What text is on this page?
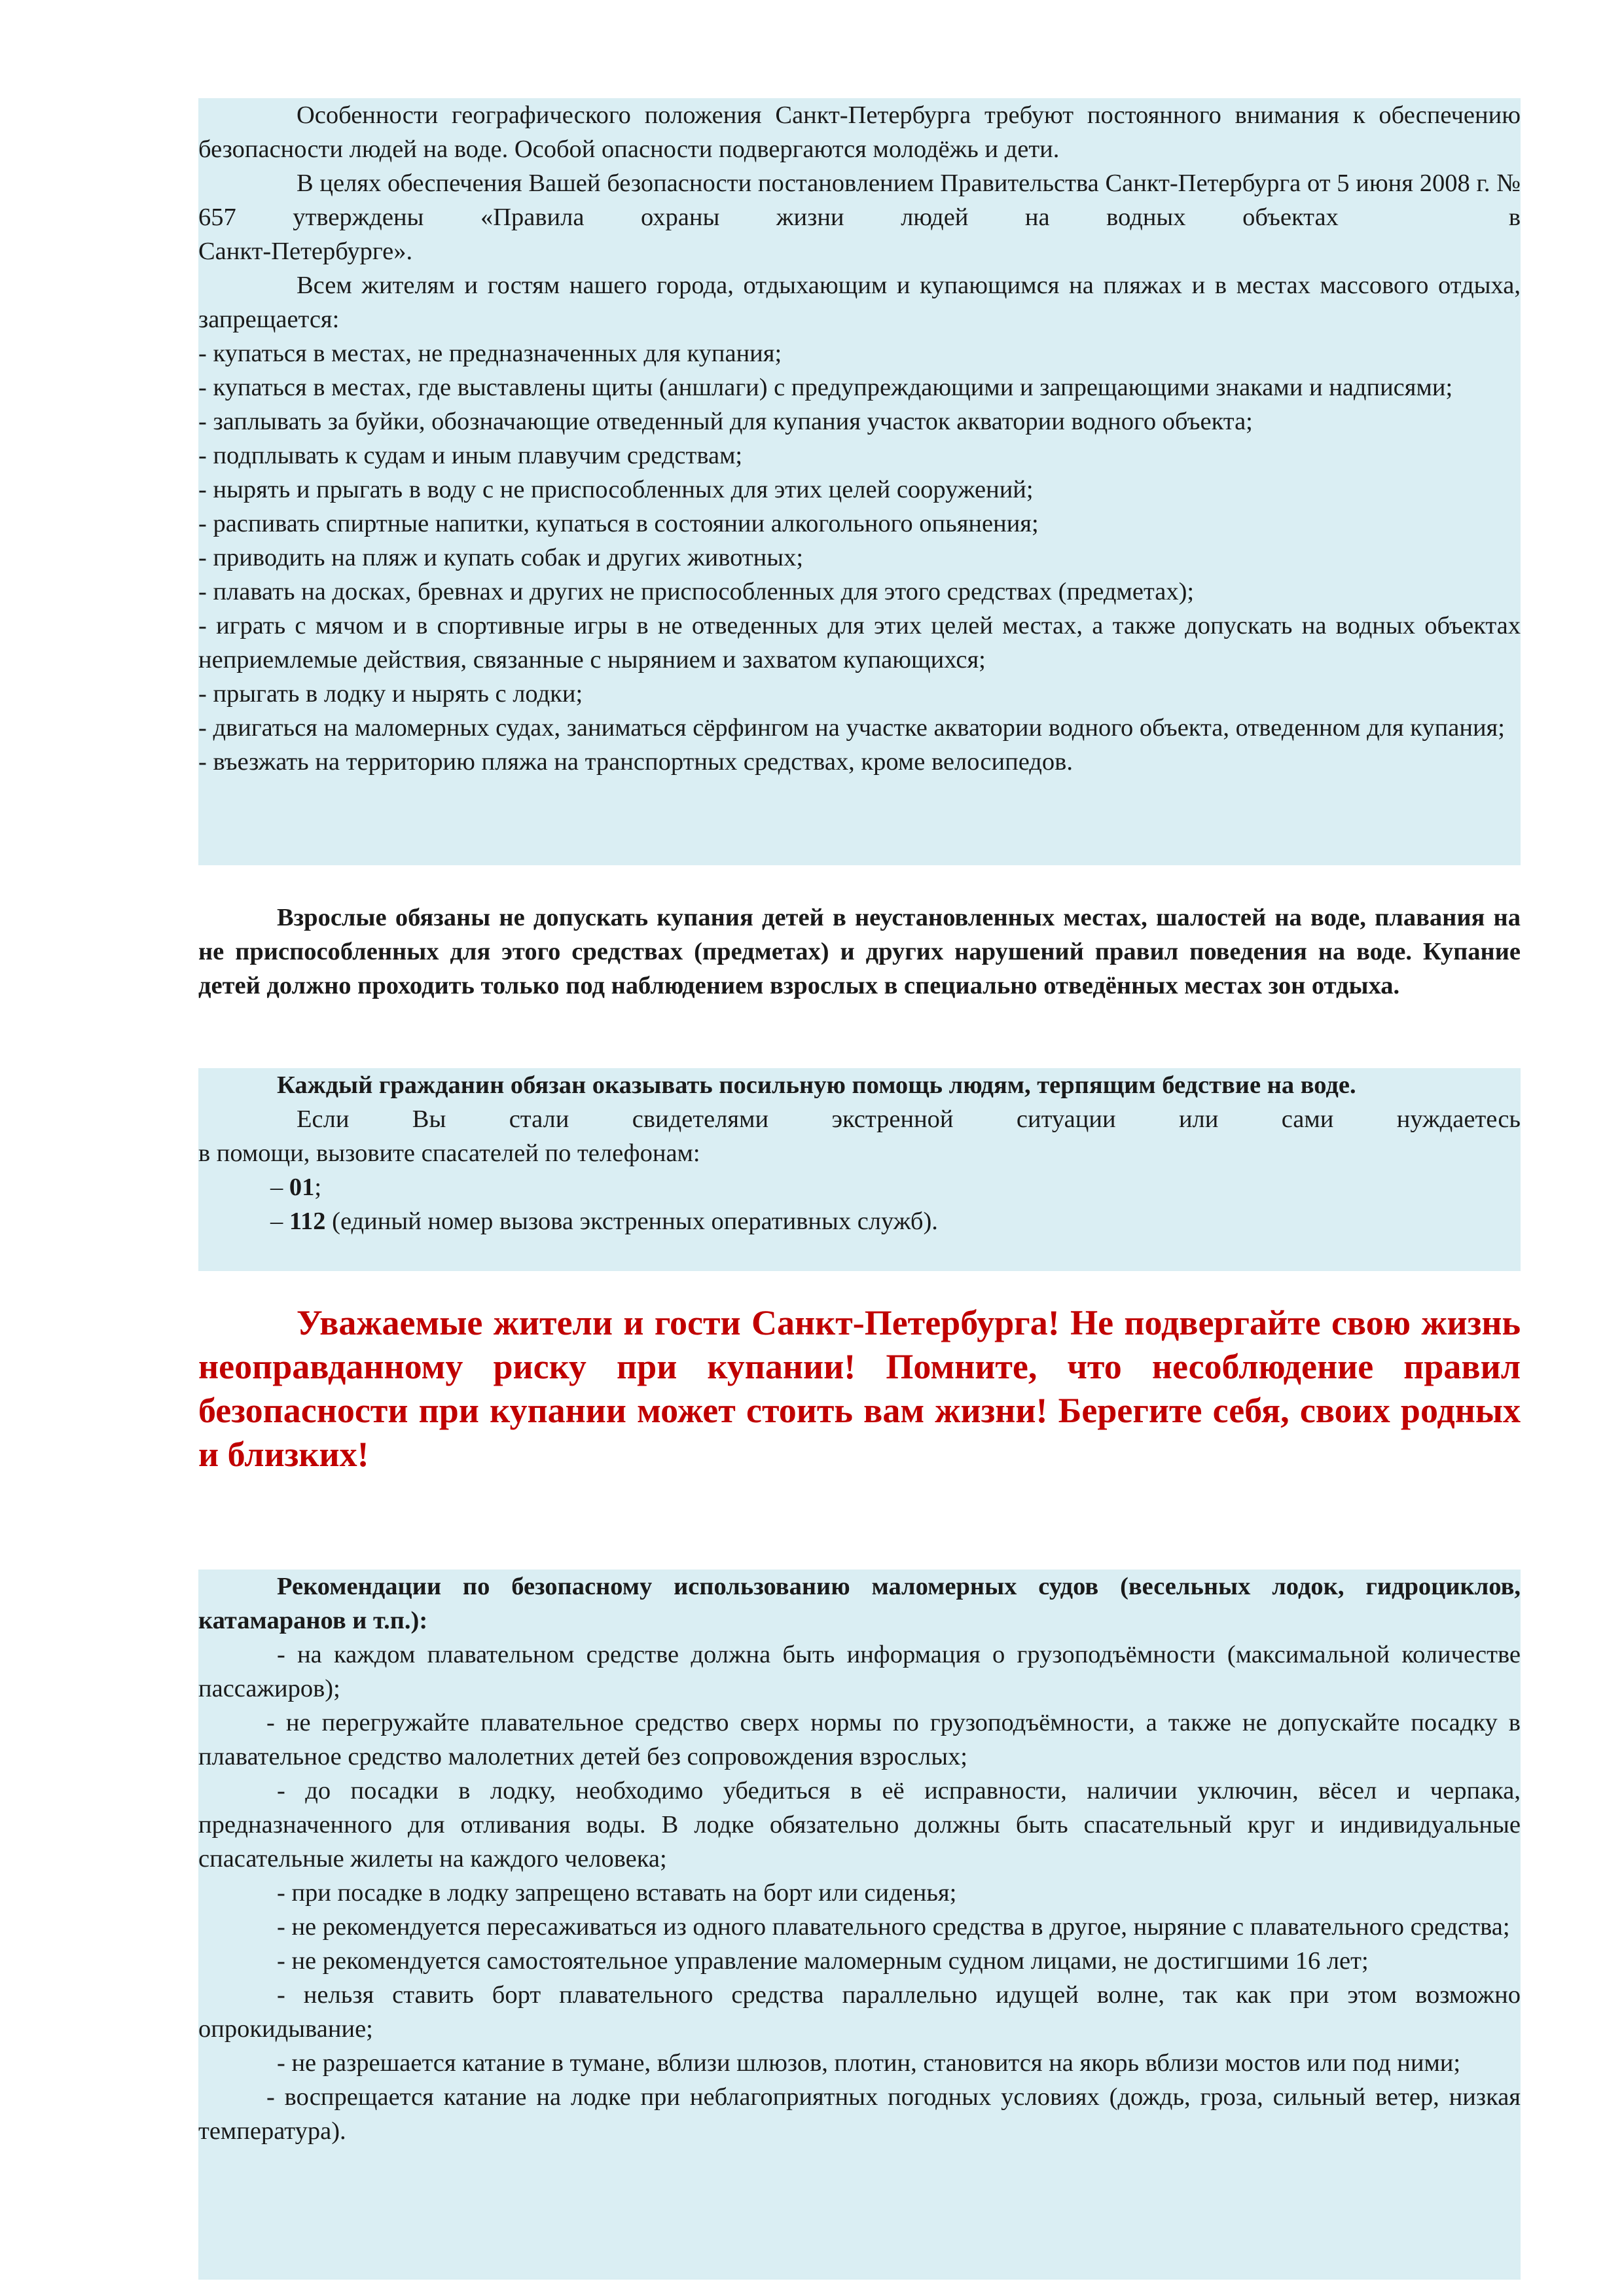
Особенности географического положения Санкт-Петербурга требуют постоянного внимания к обеспечению безопасности людей на воде. Особой опасности подвергаются молодёжь и дети.

В целях обеспечения Вашей безопасности постановлением Правительства Санкт-Петербурга от 5 июня 2008 г. № 657 утверждены «Правила охраны жизни людей на водных объектах	в

Санкт-Петербурге».

Всем жителям и гостям нашего города, отдыхающим и купающимся на пляжах и в местах массового отдыха, запрещается:

- купаться в местах, не предназначенных для купания;

- купаться в местах, где выставлены щиты (аншлаги) с предупреждающими и запрещающими знаками и надписями;

- заплывать за буйки, обозначающие отведенный для купания участок акватории водного объекта;

- подплывать к судам и иным плавучим средствам;

- нырять и прыгать в воду с не приспособленных для этих целей сооружений;

- распивать спиртные напитки, купаться в состоянии алкогольного опьянения;

- приводить на пляж и купать собак и других животных;

- плавать на досках, бревнах и других не приспособленных для этого средствах (предметах);

- играть с мячом и в спортивные игры в не отведенных для этих целей местах, а также допускать на водных объектах неприемлемые действия, связанные с нырянием и захватом купающихся;

- прыгать в лодку и нырять с лодки;

- двигаться на маломерных судах, заниматься сёрфингом на участке акватории водного объекта, отведенном для купания;

- въезжать на территорию пляжа на транспортных средствах, кроме велосипедов.

Взрослые обязаны не допускать купания детей в неустановленных местах, шалостей на воде, плавания на не приспособленных для этого средствах (предметах) и других нарушений правил поведения на воде. Купание детей должно проходить только под наблюдением взрослых в специально отведённых местах зон отдыха.

Каждый гражданин обязан оказывать посильную помощь людям, терпящим бедствие на воде.

Если	Вы	стали	свидетелями	экстренной	ситуации	или	сами	нуждаетесь

в помощи, вызовите спасателей по телефонам:

– 01;

– 112 (единый номер вызова экстренных оперативных служб).

Уважаемые жители и гости Санкт-Петербурга! Не подвергайте свою жизнь неоправданному риску при купании! Помните, что несоблюдение правил безопасности при купании может стоить вам жизни! Берегите себя, своих родных и близких!

Рекомендации по безопасному использованию маломерных судов (весельных лодок, гидроциклов, катамаранов и т.п.):

- на каждом плавательном средстве должна быть информация о грузоподъёмности (максимальной количестве пассажиров);

- не перегружайте плавательное средство сверх нормы по грузоподъёмности, а также не допускайте посадку в плавательное средство малолетних детей без сопровождения взрослых;

- до посадки в лодку, необходимо убедиться в её исправности, наличии уключин, вёсел и черпака, предназначенного для отливания воды. В лодке обязательно должны быть спасательный круг и индивидуальные спасательные жилеты на каждого человека;

- при посадке в лодку запрещено вставать на борт или сиденья;

- не рекомендуется пересаживаться из одного плавательного средства в другое, ныряние с плавательного средства;

- не рекомендуется самостоятельное управление маломерным судном лицами, не достигшими 16 лет;

- нельзя ставить борт плавательного средства параллельно идущей волне, так как при этом возможно опрокидывание;

- не разрешается катание в тумане, вблизи шлюзов, плотин, становится на якорь вблизи мостов или под ними;

- воспрещается катание на лодке при неблагоприятных погодных условиях (дождь, гроза, сильный ветер, низкая температура).
